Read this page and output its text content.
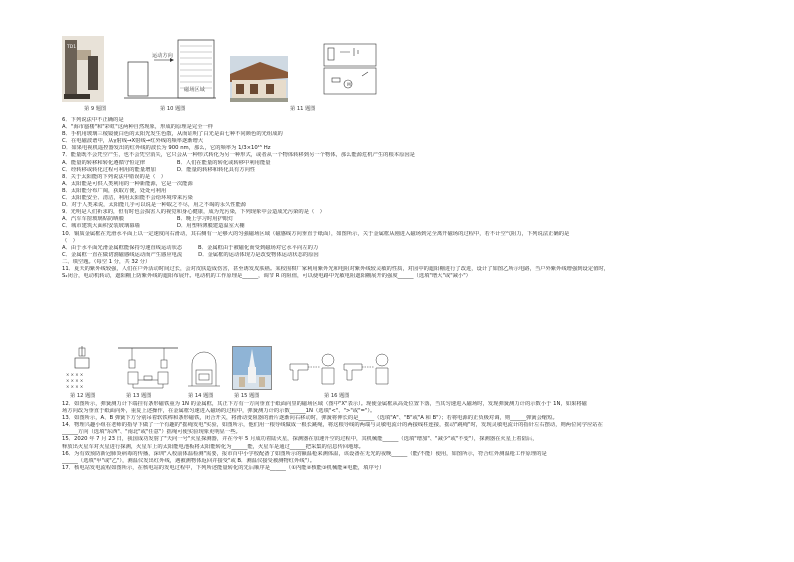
TD1
第 9 题图
运动方向
磁场区域
第 10 题图
M
第 11 题图
6．下列说法中不正确的是
A．"海市蜃楼"和"彩虹"这两种自然现象，形成的原理是完全一样
B．手机用玻璃三棱镜使白色的太阳光发生色散，从而证明了白光是由七种不同颜色的光组成的
C．在电磁波谱中，从γ射线→X射线→红外线的频率逐渐增大
D．如果电视机遥控器发出的红外线的波长为 900 nm，那么，它的频率为 1/3×10¹⁵ Hz
7．能量既不会凭空产生，也不会凭空消失，它只会从一种形式转化为另一种形式，或者从一个物体转移到另一个物体，那么能源危机产生的根本原因是
A．能量的转移和转化遵循守恒定律　　　　　　B．人们在能量的转化或转移中利用能量
C．经转移或转化过程可利用的能量增加　　　　D．能量的转移和转化具有方向性
8．关于太阳能的下列说法中错误的是（　）
A．太阳能是可供人类利用的一种新能源，它是一次能源
B．太阳能分布广阔，获取方便，处处可利用
C．太阳能安全、清洁，利用太阳能不会给环境带来污染
D．对于人类来说，太阳能几乎可以说是一种取之不尽，用之不竭的永久性能源
9．光明是人们祈求的，但有时也会损害人的视觉和身心健康，成为光污染，下列现象中会造成光污染的是（　）
A．汽车车窗玻璃贴防晒膜　　　　　　　　　　B．晚上学习时用护眼灯
C．城市建筑大面积安装玻璃幕墙　　　　　　　D．用塑料薄膜建造温室大棚
10．铜质金属框在光滑水平面上以一定速度向右滑动，其右侧有一足够大的匀强磁场区域（磁感线方向垂直于纸面），如图所示，关于金属框从刚进入磁场到完全离开磁场的过程中，若不计空气阻力，下列说法正确的是
（　）
A．由于水平面光滑金属框能保持匀速直线运动状态　　　B．金属框由于被磁化而受到磁场对它水平向左的力
C．金属框一直在做切割磁感线运动而产生感应电流　　　D．金属框的运动体现力是改变物体运动状态的原因
二、填空题。（每空 1 分，共 32 分）
11．夏天的紫外线较强，人们在户外活动时间过长，会对皮肤造成伤害，甚至诱发皮肤癌。某校围棋厂家利用紫外光和电阻对紫外线较灵敏的性质，对园中的遮阳棚进行了改进，设计了如图乙所示电路，当户外紫外线增强到设定值时，
S₂闭合，电动机转动，遮阳棚上防紫外线的遮阳布展开。电动机的工作原理是______，调节 R 的阻值，可以使电路中光敏电阻遮阳棚展开的强度______（选填"增大"或"减小"）
× × × ×
× × × ×
× × × ×
第 12 题图	第 13 题图	第 14 题图	第 15 题图	第 16 题图
12．如图所示，弹簧测力计下端挂有条形磁铁重为 1N 的金属框，其正下方有一方向垂直于纸面向里的磁场区域（图中"X"表示）。现使金属框从高处位置下落，当其匀速进入磁场时，发现弹簧测力计的示数小于 1N，如果将磁
场方向改为垂直于纸面向外，重复上述操作，在金属框匀速进入磁场的过程中，弹簧测力计的示数______1N（选填"<"、">"或"="）。
13．如图所示，A、B 弹簧下方分别吊着软铁棒和条形磁铁，闭合开关，将滑动变阻器的滑片逐渐向右移动时，弹簧将伸长的是______（选填"A"、"B"或"A 和 B"）；若将电源的正负极对调，则______弹簧会缩短。
14．物理兴趣小组在老师的指导下做了一个有趣的"摇绳发电"实验，如图所示，他们用一根导线做成一根长跳绳，将这根导线的两端与灵敏电流计的两接线柱连接，摇动"跳绳"时，发现灵敏电流计的指针左右摆动，则两位同学应站在
______方向（选填"东西"、"南北"或"任意"）摇绳可使实验现象更明显一些。
15．2020 年 7 月 23 日，我国成功发射了"天问一号"火星探测器，并在今年 5 月成功着陆火星，探测器在加速升空的过程中，其机械能______（选填"增加"、"减少"或"不变"），探测器在火星上着陆后，
释放出火星车对火星进行探测，火星车上的太阳能电池板将太阳能转化为______能，火星车是通过______把采集的信息传回地球。
16．为有效预防新冠肺炎病毒的传播，深圳"入校前体温检测"需要，报市百中小学校配备了如图所示的额温枪来测体温，该设备在无光的夜晚______（能/不能）使用，如图所示，符合红外测温枪工作原理的是
______（选填"甲"或"乙"），测温仪发出红外线，遇被测物体返回并接受"或 B．测温仪接受被测物红外线"）。
17．核电站发电流程如图所示，在核电站的发电过程中，下列所述能量转化的先后顺序是______（①内能②核能③机械能④电能，填序号）
